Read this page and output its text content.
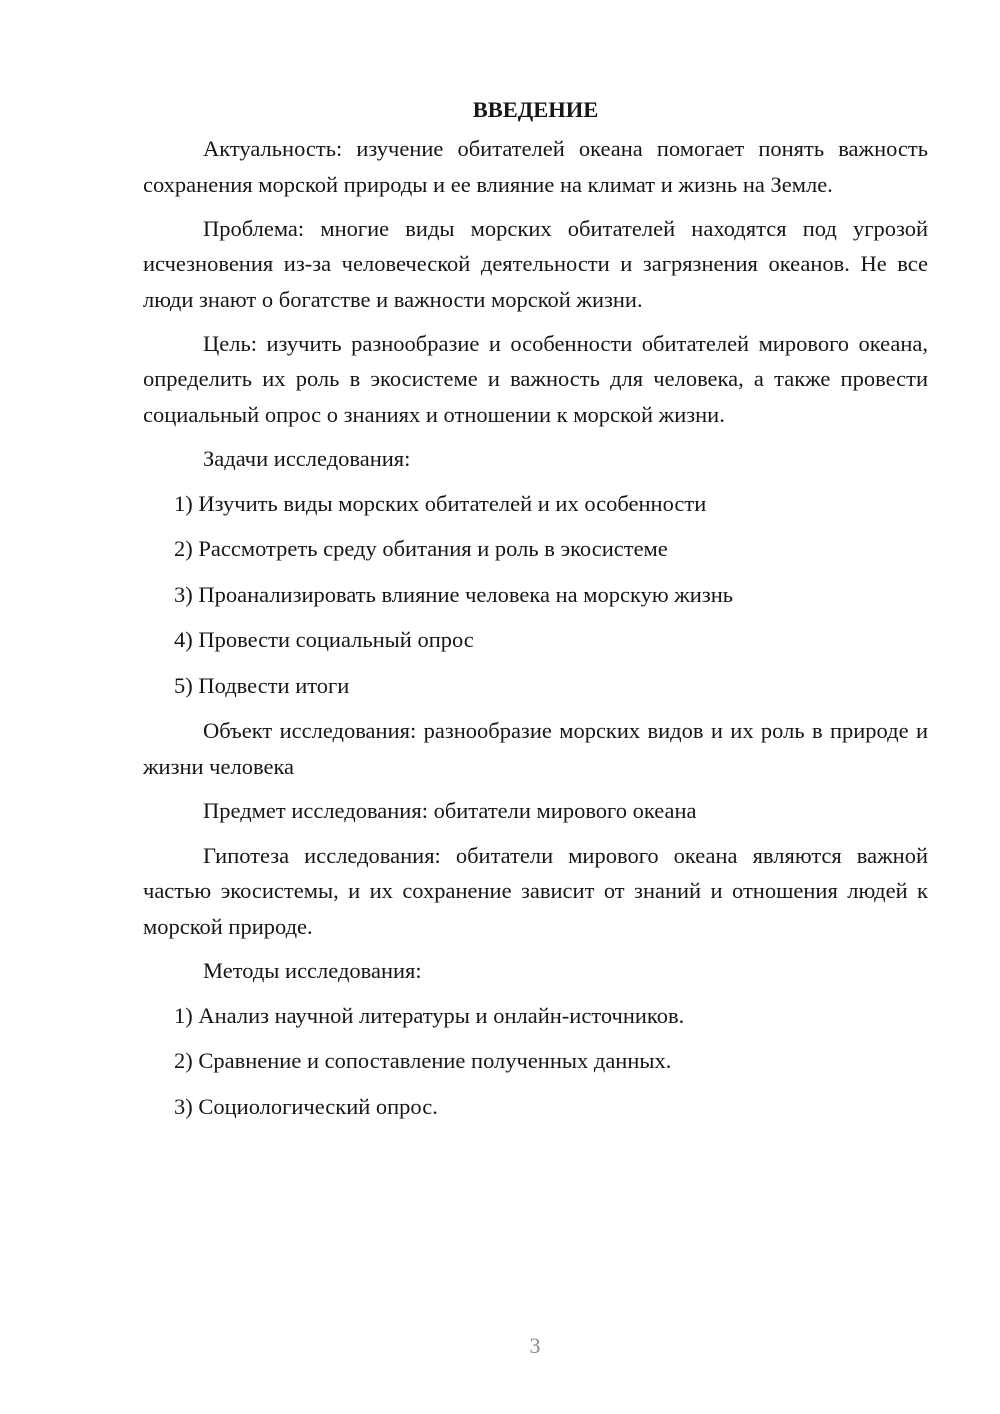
ВВЕДЕНИЕ

Актуальность: изучение обитателей океана помогает понять важность сохранения морской природы и ее влияние на климат и жизнь на Земле.

Проблема: многие виды морских обитателей находятся под угрозой исчезновения из-за человеческой деятельности и загрязнения океанов. Не все люди знают о богатстве и важности морской жизни.

Цель: изучить разнообразие и особенности обитателей мирового океана, определить их роль в экосистеме и важность для человека, а также провести социальный опрос о знаниях и отношении к морской жизни.

Задачи исследования:

1) Изучить виды морских обитателей и их особенности
2) Рассмотреть среду обитания и роль в экосистеме
3) Проанализировать влияние человека на морскую жизнь
4) Провести социальный опрос
5) Подвести итоги

Объект исследования: разнообразие морских видов и их роль в природе и жизни человека

Предмет исследования: обитатели мирового океана

Гипотеза исследования: обитатели мирового океана являются важной частью экосистемы, и их сохранение зависит от знаний и отношения людей к морской природе.

Методы исследования:

1) Анализ научной литературы и онлайн-источников.
2) Сравнение и сопоставление полученных данных.
3) Социологический опрос.
3
